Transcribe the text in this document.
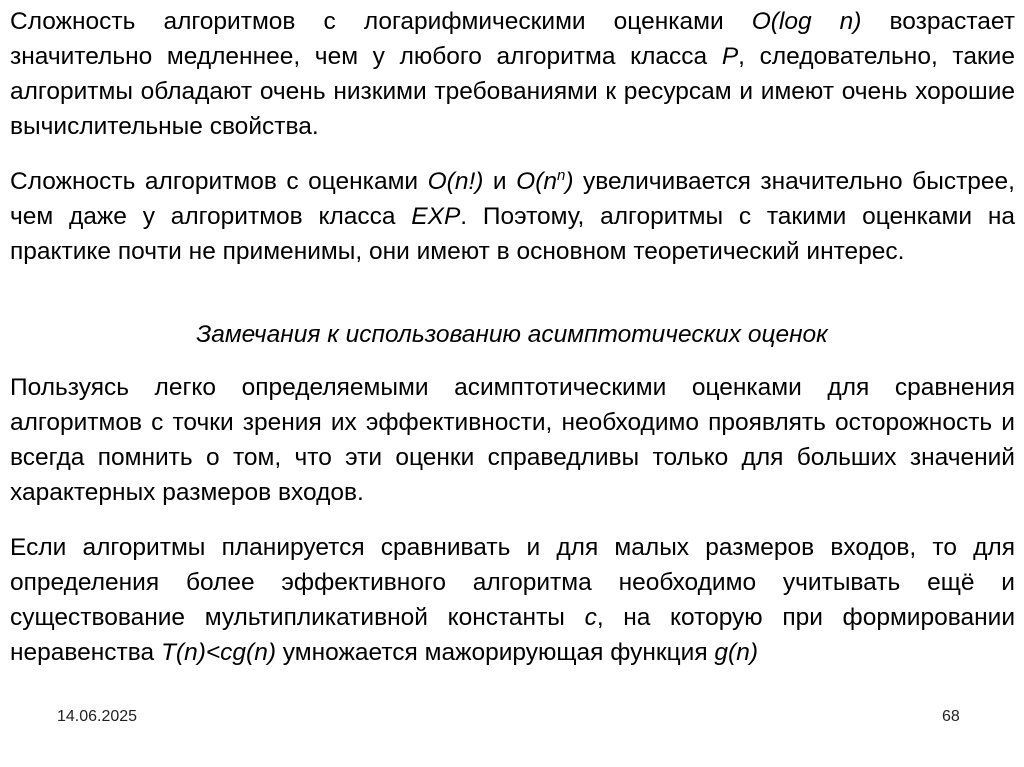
Сложность алгоритмов с логарифмическими оценками O(log n) возрастает значительно медленнее, чем у любого алгоритма класса P, следовательно, такие алгоритмы обладают очень низкими требованиями к ресурсам и имеют очень хорошие вычислительные свойства.

Сложность алгоритмов с оценками O(n!) и $O(n^n)$ увеличивается значительно быстрее, чем даже у алгоритмов класса EXP. Поэтому, алгоритмы с такими оценками на практике почти не применимы, они имеют в основном теоретический интерес.

Замечания к использованию асимптотических оценок

Пользуясь легко определяемыми асимптотическими оценками для сравнения алгоритмов с точки зрения их эффективности, необходимо проявлять осторожность и всегда помнить о том, что эти оценки справедливы только для больших значений характерных размеров входов.

Если алгоритмы планируется сравнивать и для малых размеров входов, то для определения более эффективного алгоритма необходимо учитывать ещё и существование мультипликативной константы c, на которую при формировании неравенства T(n)<cg(n) умножается мажорирующая функция g(n)

14.06.2025	68
